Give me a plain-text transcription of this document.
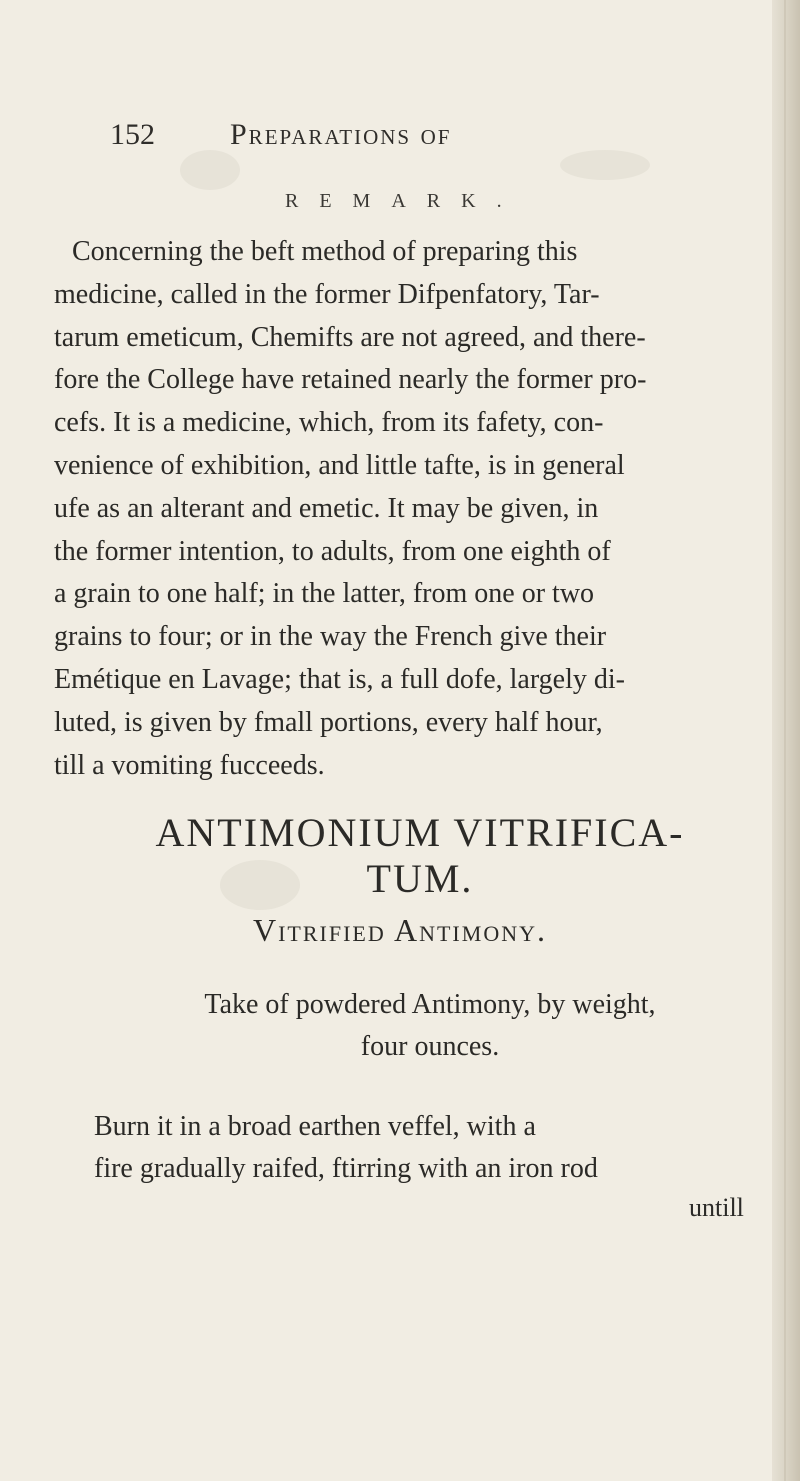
152	Preparations of
REMARK.

Concerning the beft method of preparing this

medicine, called in the former Difpenfatory, Tar-

tarum emeticum, Chemifts are not agreed, and there-

fore the College have retained nearly the former pro-

cefs. It is a medicine, which, from its fafety, con-

venience of exhibition, and little tafte, is in general

ufe as an alterant and emetic. It may be given, in

the former intention, to adults, from one eighth of

a grain to one half; in the latter, from one or two

grains to four; or in the way the French give their

Emétique en Lavage; that is, a full dofe, largely di-

luted, is given by fmall portions, every half hour,

till a vomiting fucceeds.

ANTIMONIUM VITRIFICA-
TUM.
Vitrified Antimony.
Take of powdered Antimony, by weight,
four ounces.
Burn it in a broad earthen veffel, with a
fire gradually raifed, ftirring with an iron rod
untill
